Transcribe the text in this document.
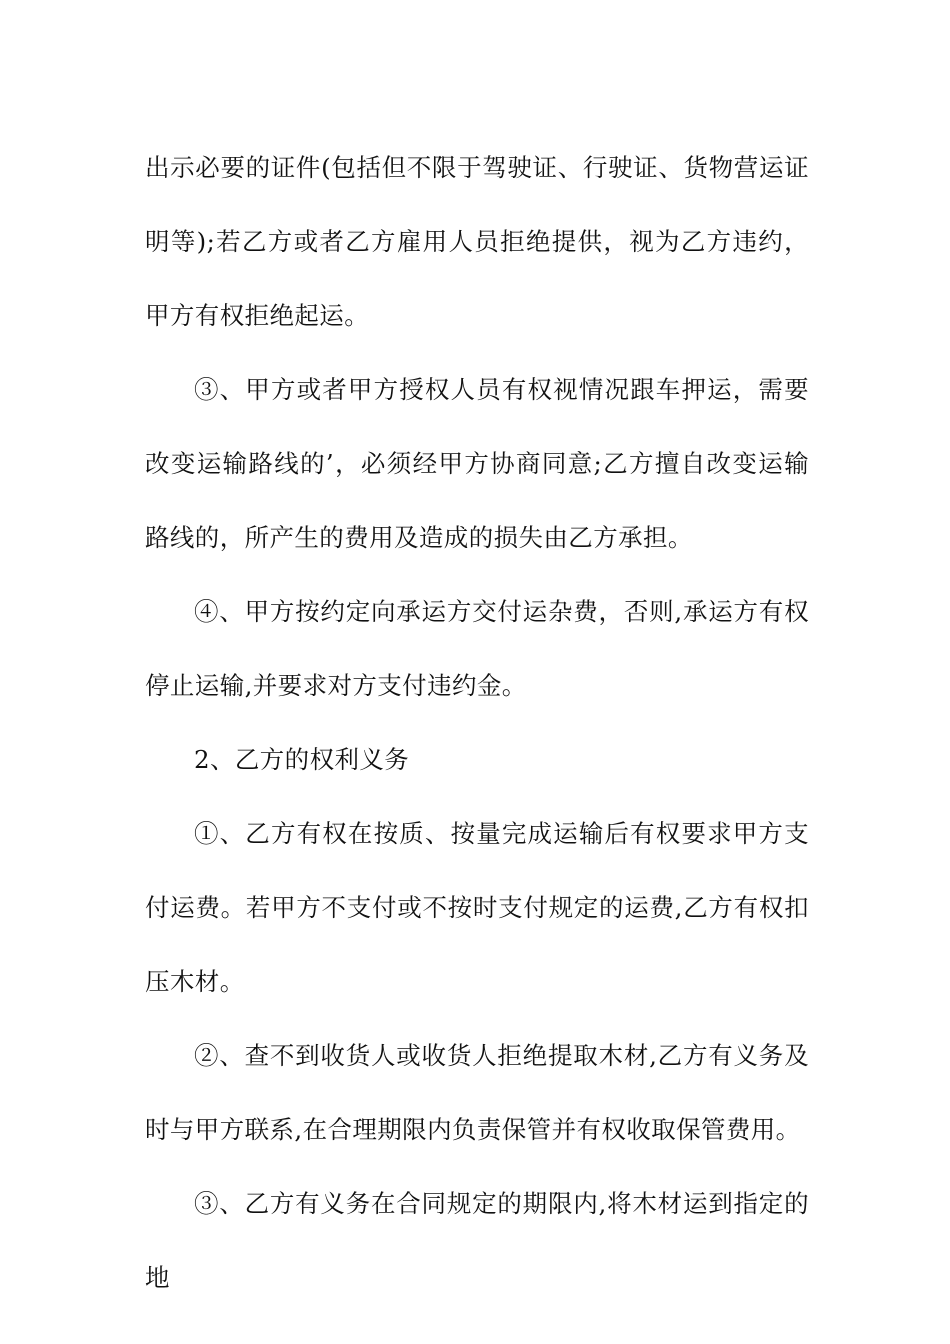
出示必要的证件(包括但不限于驾驶证、行驶证、货物营运证明等);若乙方或者乙方雇用人员拒绝提供，视为乙方违约，甲方有权拒绝起运。

③、甲方或者甲方授权人员有权视情况跟车押运，需要改变运输路线的’，必须经甲方协商同意;乙方擅自改变运输路线的，所产生的费用及造成的损失由乙方承担。

④、甲方按约定向承运方交付运杂费，否则,承运方有权停止运输,并要求对方支付违约金。

2、乙方的权利义务

①、乙方有权在按质、按量完成运输后有权要求甲方支付运费。若甲方不支付或不按时支付规定的运费,乙方有权扣压木材。

②、查不到收货人或收货人拒绝提取木材,乙方有义务及时与甲方联系,在合理期限内负责保管并有权收取保管费用。

③、乙方有义务在合同规定的期限内,将木材运到指定的地
